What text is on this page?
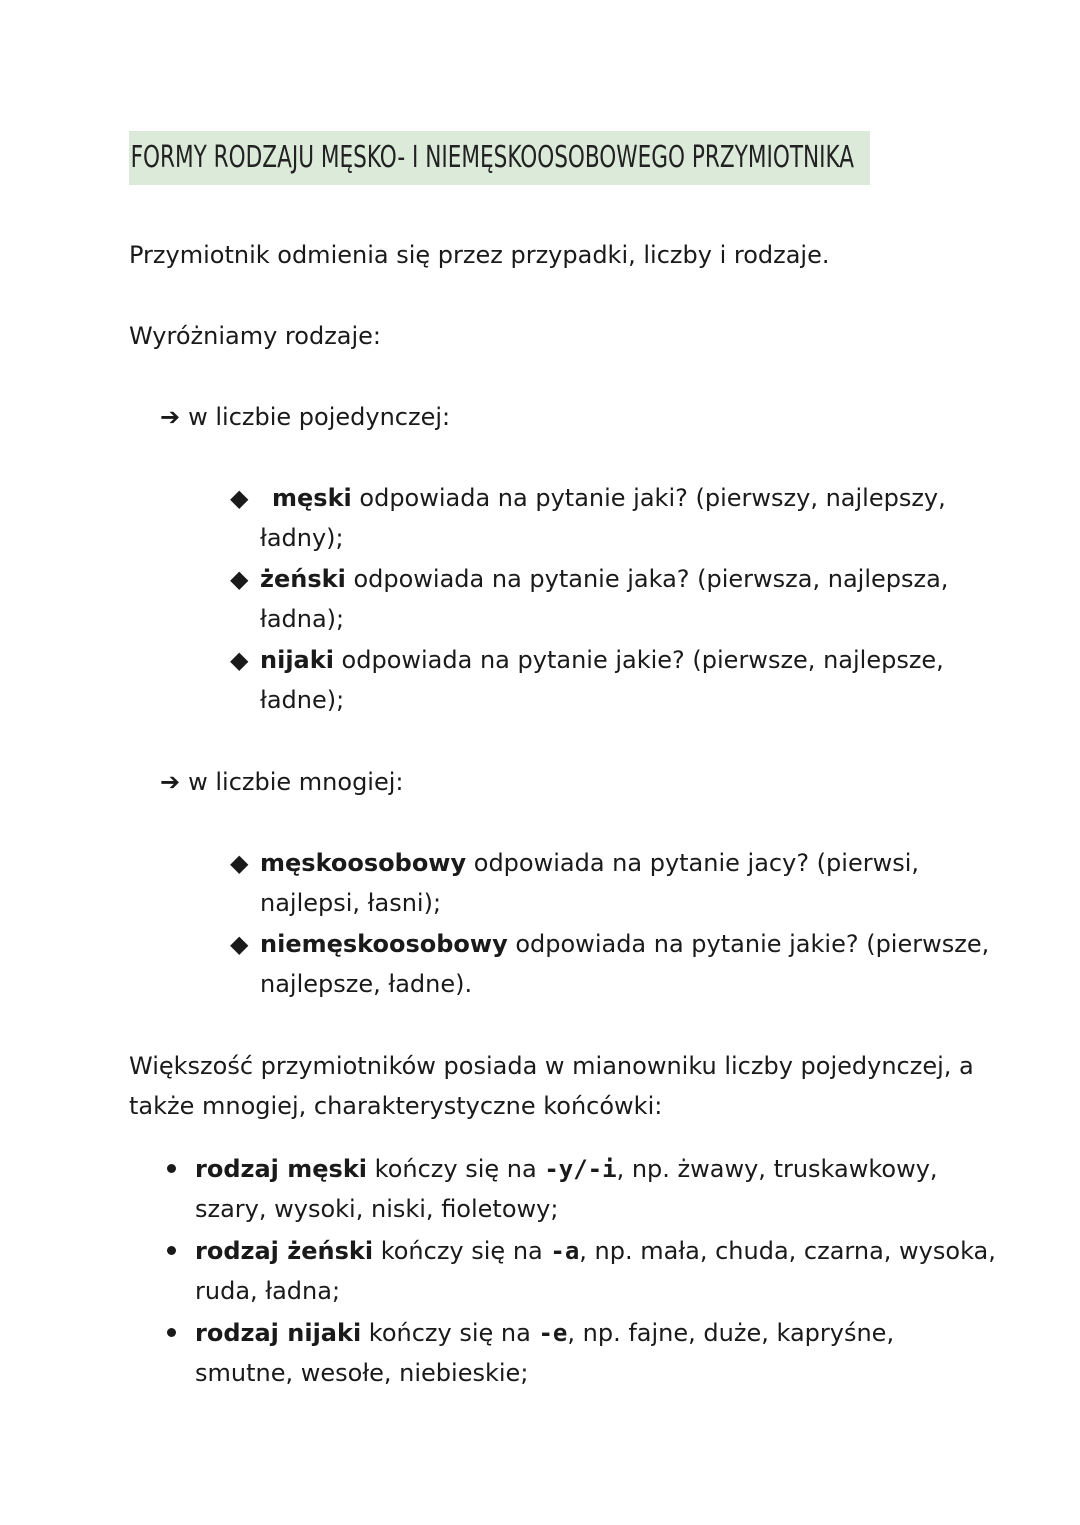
FORMY RODZAJU MĘSKO- I NIEMĘSKOOSOBOWEGO PRZYMIOTNIKA
Przymiotnik odmienia się przez przypadki, liczby i rodzaje.
Wyróżniamy rodzaje:
➔ w liczbie pojedynczej:
◆ męski odpowiada na pytanie jaki? (pierwszy, najlepszy,
ładny);
◆ żeński odpowiada na pytanie jaka? (pierwsza, najlepsza,
ładna);
◆ nijaki odpowiada na pytanie jakie? (pierwsze, najlepsze,
ładne);
➔ w liczbie mnogiej:
◆ męskoosobowy odpowiada na pytanie jacy? (pierwsi,
najlepsi, łasni);
◆ niemęskoosobowy odpowiada na pytanie jakie? (pierwsze,
najlepsze, ładne).
Większość przymiotników posiada w mianowniku liczby pojedynczej, a
także mnogiej, charakterystyczne końcówki:
rodzaj męski kończy się na -y/-i, np. żwawy, truskawkowy,
szary, wysoki, niski, fioletowy;
rodzaj żeński kończy się na -a, np. mała, chuda, czarna, wysoka,
ruda, ładna;
rodzaj nijaki kończy się na -e, np. fajne, duże, kapryśne,
smutne, wesołe, niebieskie;
